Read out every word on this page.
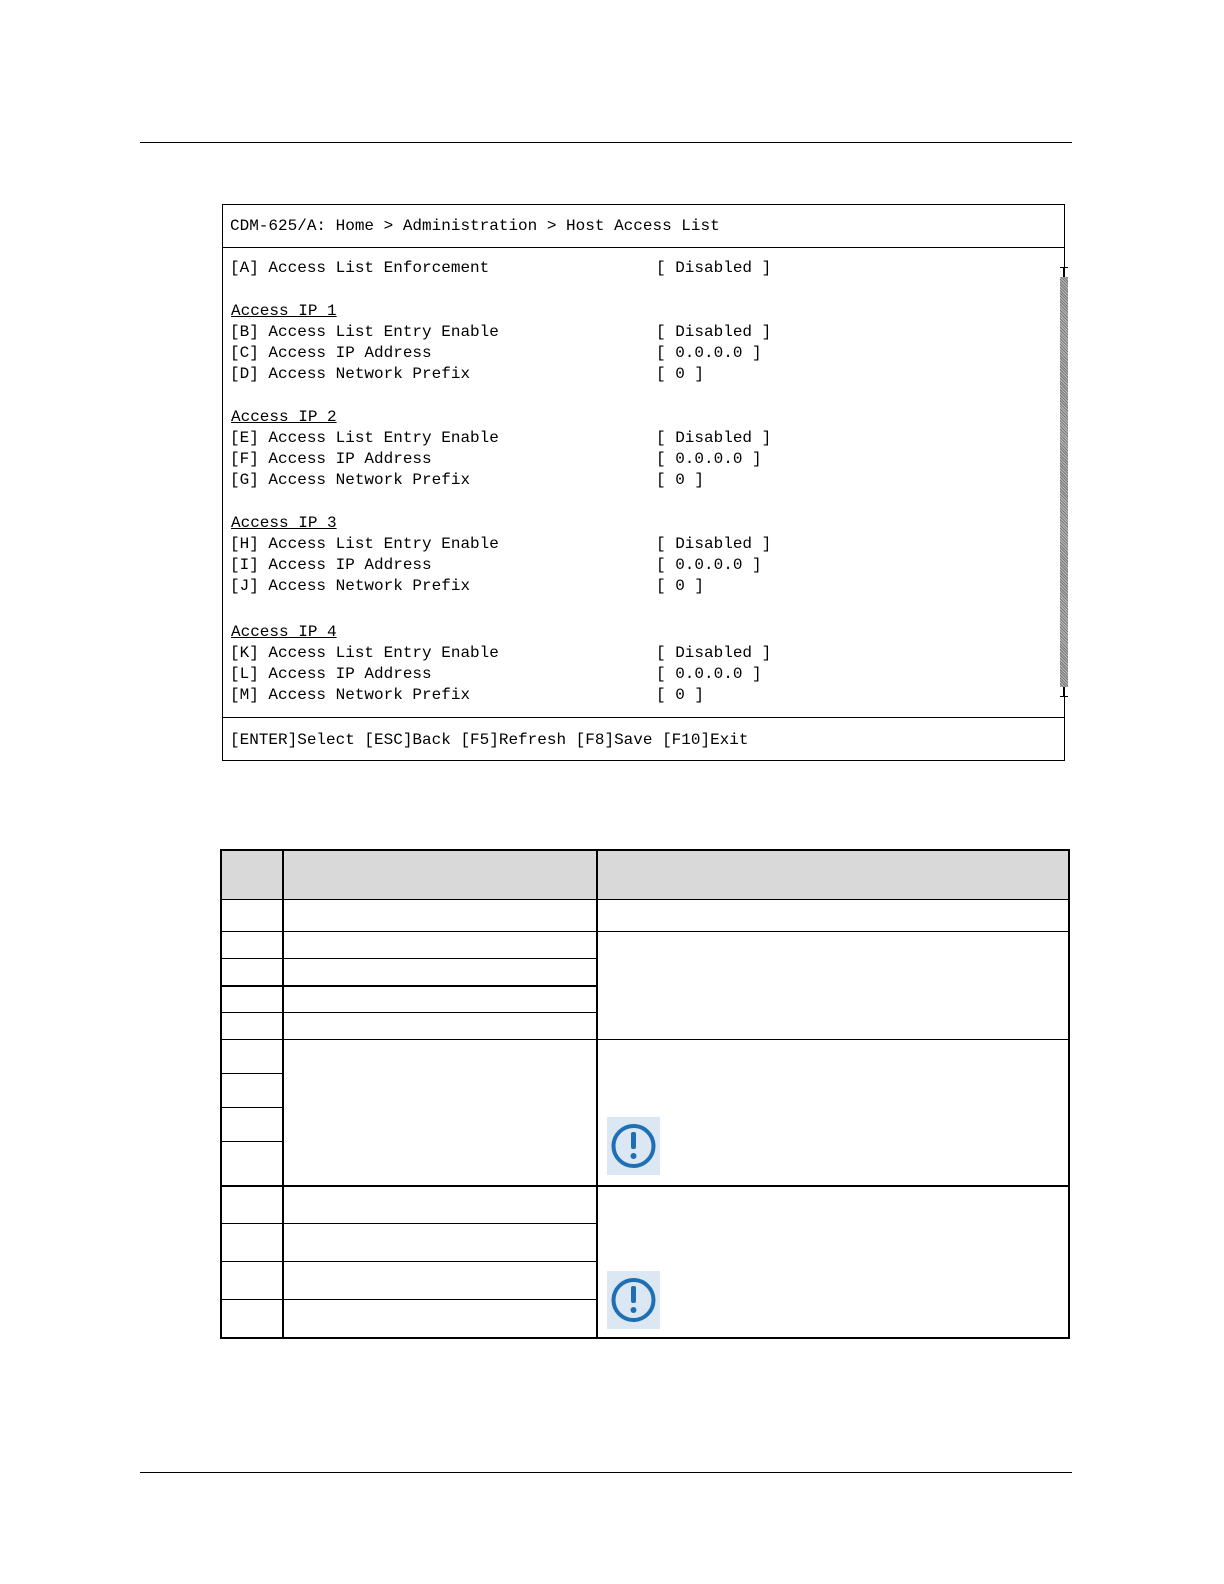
CDM-625/A: Home > Administration > Host Access List
[A] Access List Enforcement	[ Disabled ]
Access IP 1
[B] Access List Entry Enable	[ Disabled ]
[C] Access IP Address	[ 0.0.0.0 ]
[D] Access Network Prefix	[ 0 ]
Access IP 2
[E] Access List Entry Enable	[ Disabled ]
[F] Access IP Address	[ 0.0.0.0 ]
[G] Access Network Prefix	[ 0 ]
Access IP 3
[H] Access List Entry Enable	[ Disabled ]
[I] Access IP Address	[ 0.0.0.0 ]
[J] Access Network Prefix	[ 0 ]
Access IP 4
[K] Access List Entry Enable	[ Disabled ]
[L] Access IP Address	[ 0.0.0.0 ]
[M] Access Network Prefix	[ 0 ]
[ENTER]Select [ESC]Back [F5]Refresh [F8]Save [F10]Exit
